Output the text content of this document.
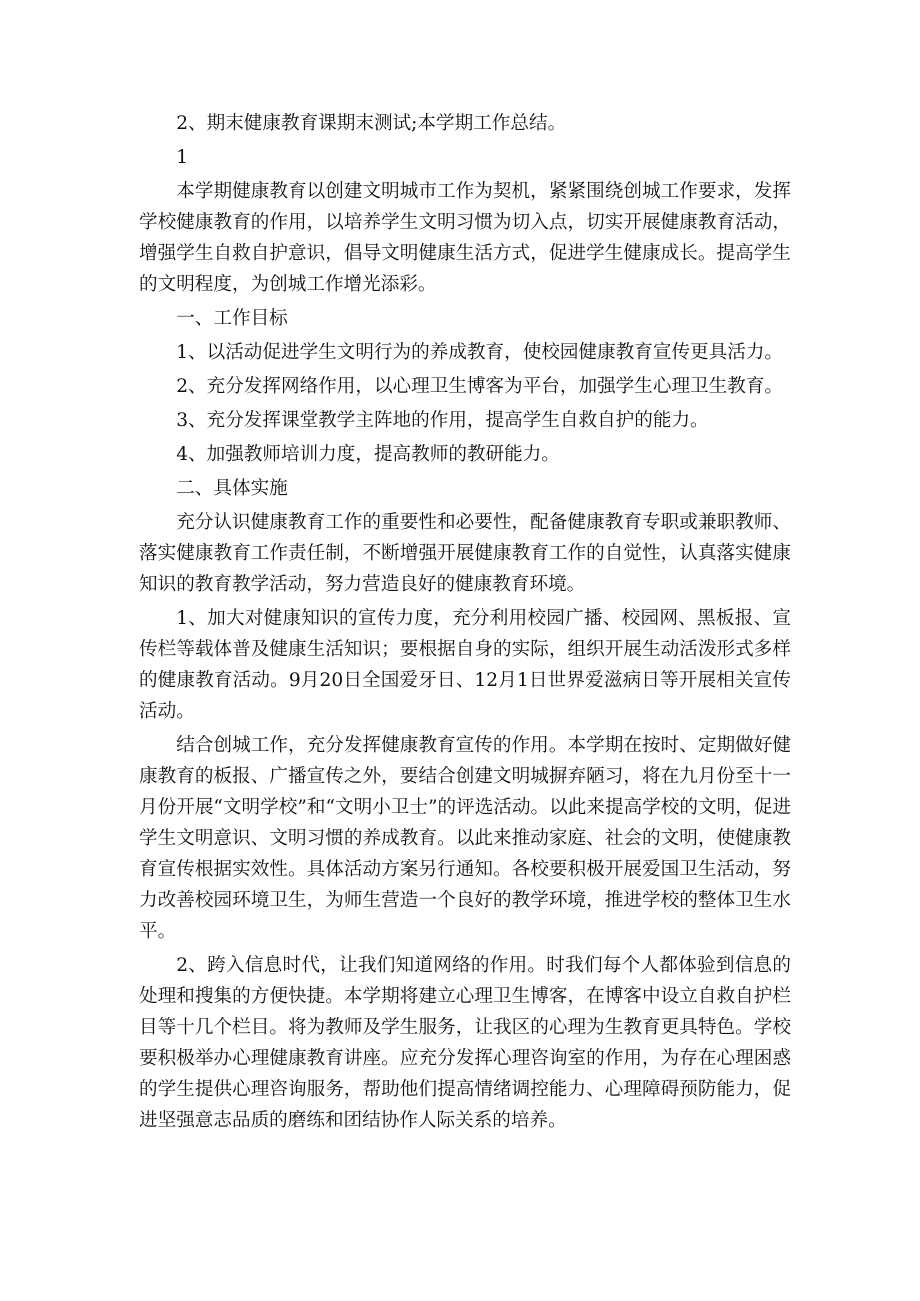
2、期末健康教育课期末测试;本学期工作总结。

1

本学期健康教育以创建文明城市工作为契机，紧紧围绕创城工作要求，发挥学校健康教育的作用，以培养学生文明习惯为切入点，切实开展健康教育活动，增强学生自救自护意识，倡导文明健康生活方式，促进学生健康成长。提高学生的文明程度，为创城工作增光添彩。

一、工作目标

1、以活动促进学生文明行为的养成教育，使校园健康教育宣传更具活力。

2、充分发挥网络作用，以心理卫生博客为平台，加强学生心理卫生教育。

3、充分发挥课堂教学主阵地的作用，提高学生自救自护的能力。

4、加强教师培训力度，提高教师的教研能力。

二、具体实施

充分认识健康教育工作的重要性和必要性，配备健康教育专职或兼职教师、落实健康教育工作责任制，不断增强开展健康教育工作的自觉性，认真落实健康知识的教育教学活动，努力营造良好的健康教育环境。

1、加大对健康知识的宣传力度，充分利用校园广播、校园网、黑板报、宣传栏等载体普及健康生活知识；要根据自身的实际，组织开展生动活泼形式多样的健康教育活动。9月20日全国爱牙日、12月1日世界爱滋病日等开展相关宣传活动。

结合创城工作，充分发挥健康教育宣传的作用。本学期在按时、定期做好健康教育的板报、广播宣传之外，要结合创建文明城摒弃陋习，将在九月份至十一月份开展“文明学校”和“文明小卫士”的评选活动。以此来提高学校的文明，促进学生文明意识、文明习惯的养成教育。以此来推动家庭、社会的文明，使健康教育宣传根据实效性。具体活动方案另行通知。各校要积极开展爱国卫生活动，努力改善校园环境卫生，为师生营造一个良好的教学环境，推进学校的整体卫生水平。

2、跨入信息时代，让我们知道网络的作用。时我们每个人都体验到信息的处理和搜集的方便快捷。本学期将建立心理卫生博客，在博客中设立自救自护栏目等十几个栏目。将为教师及学生服务，让我区的心理为生教育更具特色。学校要积极举办心理健康教育讲座。应充分发挥心理咨询室的作用，为存在心理困惑的学生提供心理咨询服务，帮助他们提高情绪调控能力、心理障碍预防能力，促进坚强意志品质的磨练和团结协作人际关系的培养。
